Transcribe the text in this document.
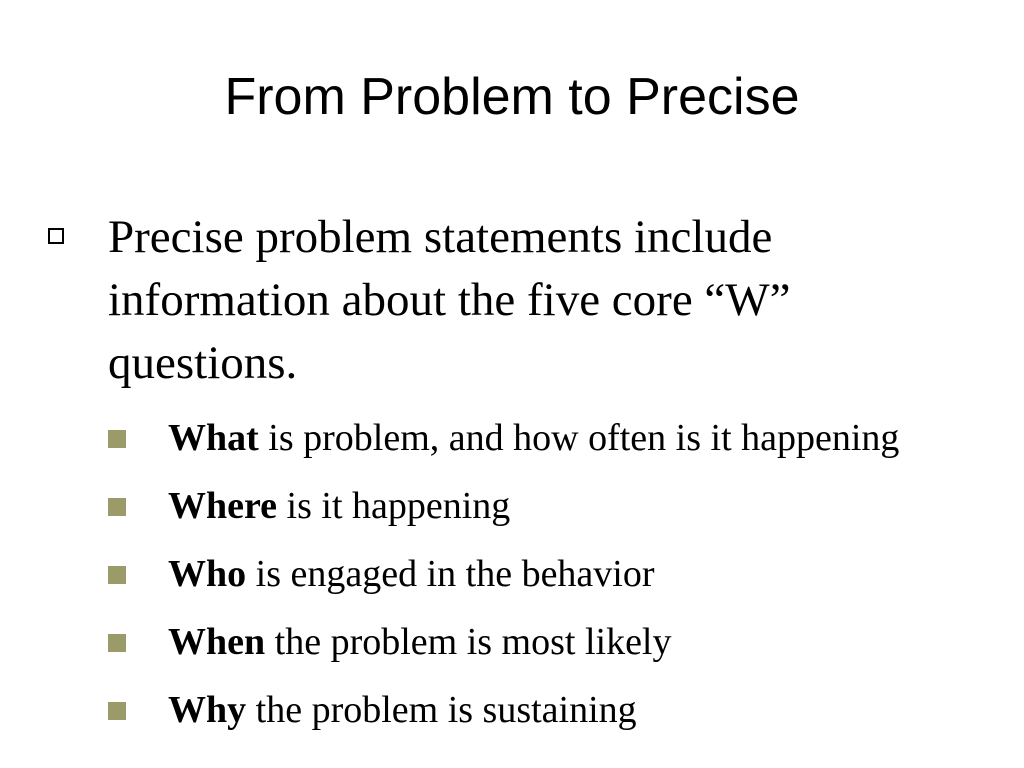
From Problem to Precise
Precise problem statements include information about the five core “W” questions.
What is problem, and how often is it happening
Where is it happening
Who is engaged in the behavior
When the problem is most likely
Why the problem is sustaining
